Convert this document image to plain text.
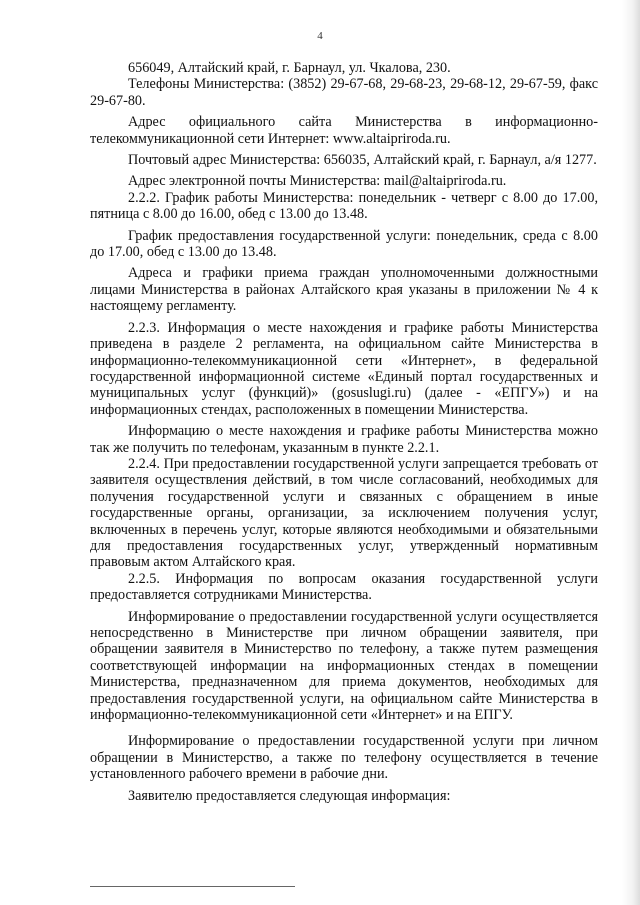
4

656049, Алтайский край, г. Барнаул, ул. Чкалова, 230.

Телефоны Министерства: (3852) 29-67-68, 29-68-23, 29-68-12, 29-67-59, факс 29-67-80.

Адрес официального сайта Министерства в информационно-телекоммуникационной сети Интернет: www.altaipriroda.ru.

Почтовый адрес Министерства: 656035, Алтайский край, г. Барнаул, а/я 1277.

Адрес электронной почты Министерства: mail@altaipriroda.ru.

2.2.2. График работы Министерства: понедельник - четверг с 8.00 до 17.00, пятница с 8.00 до 16.00, обед с 13.00 до 13.48.

График предоставления государственной услуги: понедельник, среда с 8.00 до 17.00, обед с 13.00 до 13.48.

Адреса и графики приема граждан уполномоченными должностными лицами Министерства в районах Алтайского края указаны в приложении № 4 к настоящему регламенту.

2.2.3. Информация о месте нахождения и графике работы Министерства приведена в разделе 2 регламента, на официальном сайте Министерства в информационно-телекоммуникационной сети «Интернет», в федеральной государственной информационной системе «Единый портал государственных и муниципальных услуг (функций)» (gosuslugi.ru) (далее - «ЕПГУ») и на информационных стендах, расположенных в помещении Министерства.

Информацию о месте нахождения и графике работы Министерства можно так же получить по телефонам, указанным в пункте 2.2.1.

2.2.4. При предоставлении государственной услуги запрещается требовать от заявителя осуществления действий, в том числе согласований, необходимых для получения государственной услуги и связанных с обращением в иные государственные органы, организации, за исключением получения услуг, включенных в перечень услуг, которые являются необходимыми и обязательными для предоставления государственных услуг, утвержденный нормативным правовым актом Алтайского края.

2.2.5. Информация по вопросам оказания государственной услуги предоставляется сотрудниками Министерства.

Информирование о предоставлении государственной услуги осуществляется непосредственно в Министерстве при личном обращении заявителя, при обращении заявителя в Министерство по телефону, а также путем размещения соответствующей информации на информационных стендах в помещении Министерства, предназначенном для приема документов, необходимых для предоставления государственной услуги, на официальном сайте Министерства в информационно-телекоммуникационной сети «Интернет» и на ЕПГУ.

Информирование о предоставлении государственной услуги при личном обращении в Министерство, а также по телефону осуществляется в течение установленного рабочего времени в рабочие дни.

Заявителю предоставляется следующая информация:
